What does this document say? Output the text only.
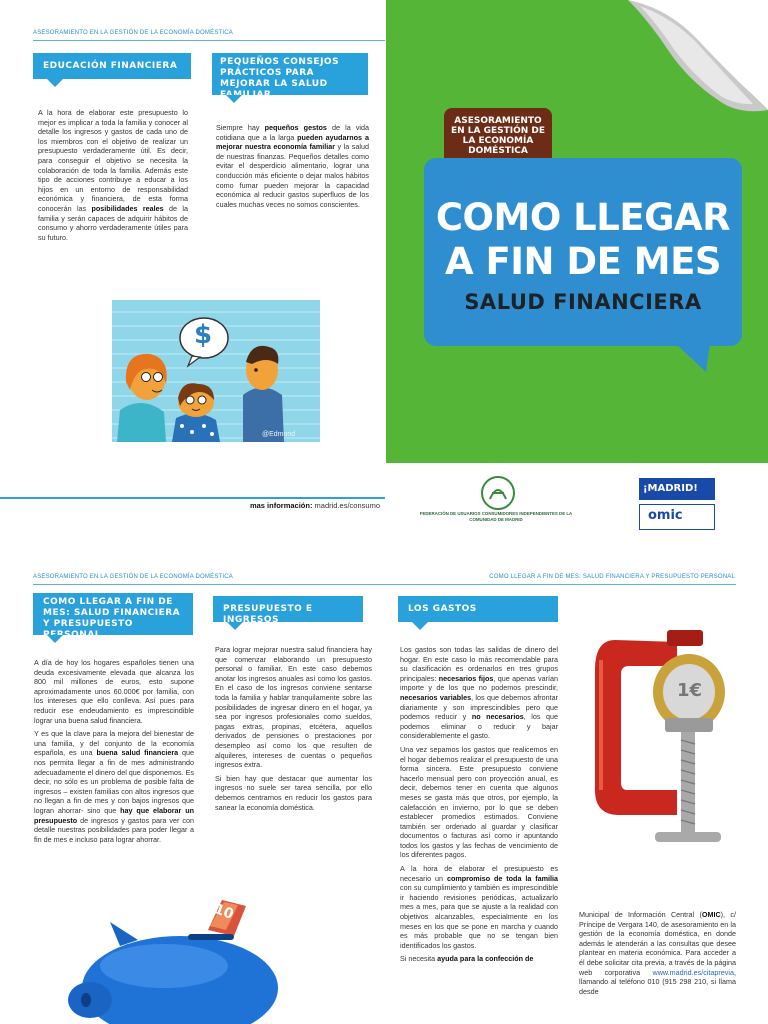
ASESORAMIENTO EN LA GESTIÓN DE LA ECONOMÍA DOMÉSTICA
EDUCACIÓN FINANCIERA

A la hora de elaborar este presupuesto lo mejor es implicar a toda la familia y conocer al detalle los ingresos y gastos de cada uno de los miembros con el objetivo de realizar un presupuesto verdaderamente útil. Es decir, para conseguir el objetivo se necesita la colaboración de toda la familia. Además este tipo de acciones contribuye a educar a los hijos en un entorno de responsabilidad económica y financiera, de esta forma conocerán las posibilidades reales de la familia y serán capaces de adquirir hábitos de consumo y ahorro verdaderamente útiles para su futuro.

PEQUEÑOS CONSEJOS PRÁCTICOS PARA MEJORAR LA SALUD FAMILIAR

Siempre hay pequeños gestos de la vida cotidiana que a la larga pueden ayudarnos a mejorar nuestra economía familiar y la salud de nuestras finanzas. Pequeños detalles como evitar el desperdicio alimentario, lograr una conducción más eficiente o dejar malos hábitos como fumar pueden mejorar la capacidad económica al reducir gastos superfluos de los cuales muchas veces no somos conscientes.

$
@Edmond
mas información: madrid.es/consumo
ASESORAMIENTO EN LA GESTIÓN DE LA ECONOMÍA DOMÉSTICA
COMO LLEGAR
A FIN DE MES
SALUD FINANCIERA
FEDERACIÓN DE USUARIOS CONSUMIDORES INDEPENDIENTES DE LA COMUNIDAD DE MADRID
¡MADRID!
omic
ASESORAMIENTO EN LA GESTIÓN DE LA ECONOMÍA DOMÉSTICA	COMO LLEGAR A FIN DE MES: SALUD FINANCIERA Y PRESUPUESTO PERSONAL
COMO LLEGAR A FIN DE MES: SALUD FINANCIERA Y PRESUPUESTO PERSONAL

A día de hoy los hogares españoles tienen una deuda excesivamente elevada que alcanza los 800 mil millones de euros, esto supone aproximadamente unos 60.000€ por familia, con los intereses que ello conlleva. Así pues para reducir ese endeudamiento es imprescindible lograr una buena salud financiera.

Y es que la clave para la mejora del bienestar de una familia, y del conjunto de la economía española, es una buena salud financiera que nos permita llegar a fin de mes administrando adecuadamente el dinero del que disponemos. Es decir, no sólo es un problema de posible falta de ingresos – existen familias con altos ingresos que no llegan a fin de mes y con bajos ingresos que logran ahorrar- sino que hay que elaborar un presupuesto de ingresos y gastos para ver con detalle nuestras posibilidades para poder llegar a fin de mes e incluso para lograr ahorrar.

10
PRESUPUESTO E INGRESOS

Para lograr mejorar nuestra salud financiera hay que comenzar elaborando un presupuesto personal o familiar. En este caso debemos anotar los ingresos anuales así como los gastos. En el caso de los ingresos conviene sentarse toda la familia y hablar tranquilamente sobre las posibilidades de ingresar dinero en el hogar, ya sea por ingresos profesionales como sueldos, pagas extras, propinas, etcétera, aquellos derivados de pensiones o prestaciones por desempleo así como los que resulten de alquileres, intereses de cuentas o pequeños ingresos extra.

Si bien hay que destacar que aumentar los ingresos no suele ser tarea sencilla, por ello debemos centrarnos en reducir los gastos para sanear la economía doméstica.

LOS GASTOS

Los gastos son todas las salidas de dinero del hogar. En este caso lo más recomendable para su clasificación es ordenarlos en tres grupos principales: necesarios fijos, que apenas varían importe y de los que no podemos prescindir, necesarios variables, los que debemos afrontar diariamente y son imprescindibles pero que podemos reducir y no necesarios, los que podemos eliminar o reducir y bajar considerablemente el gasto.

Una vez sepamos los gastos que realicemos en el hogar debemos realizar el presupuesto de una forma sincera. Este presupuesto conviene hacerlo mensual pero con proyección anual, es decir, debemos tener en cuenta que algunos meses se gasta más que otros, por ejemplo, la calefacción en invierno, por lo que se deben establecer promedios estimados. Conviene también ser ordenado al guardar y clasificar documentos o facturas así como ir apuntando todos los gastos y las fechas de vencimiento de los diferentes pagos.

A la hora de elaborar el presupuesto es necesario un compromiso de toda la familia con su cumplimiento y también es imprescindible ir haciendo revisiones periódicas, actualizarlo mes a mes, para que se ajuste a la realidad con objetivos alcanzables, especialmente en los meses en los que se pone en marcha y cuando es más probable que no se tengan bien identificados los gastos.

Si necesita ayuda para la confección de

1€

Municipal de Información Central (OMIC), c/ Príncipe de Vergara 140, de asesoramiento en la gestión de la economía doméstica, en donde además le atenderán a las consultas que desee plantear en materia económica. Para acceder a él debe solicitar cita previa, a través de la página web corporativa www.madrid.es/citaprevia, llamando al teléfono 010 (915 298 210, si llama desde
